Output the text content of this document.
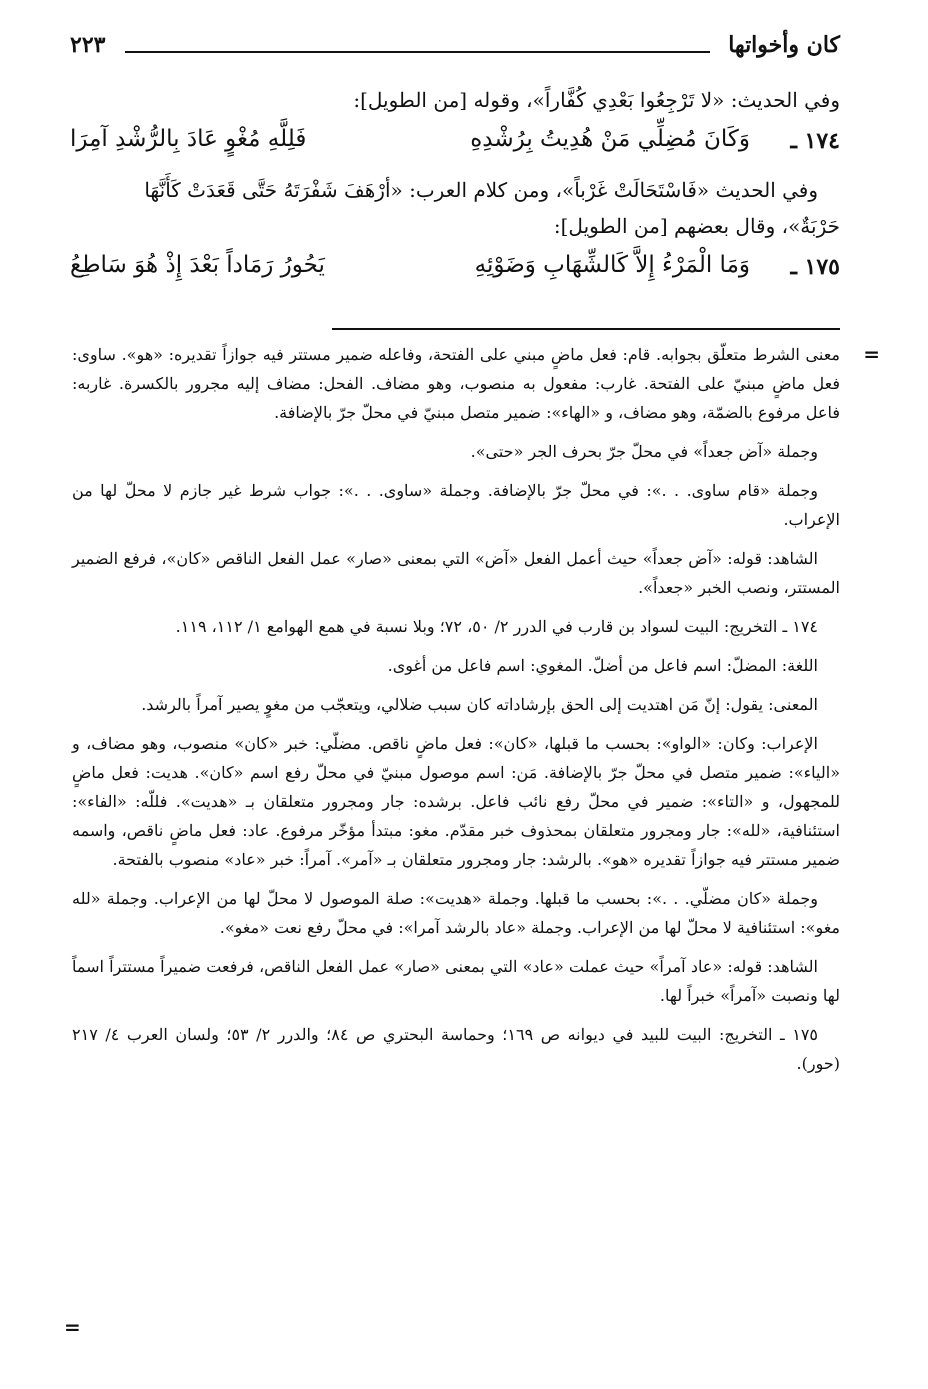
كان وأخواتها
٢٢٣

وفي الحديث: «لا تَرْجِعُوا بَعْدِي كُفَّاراً»، وقوله [من الطويل]:

١٧٤ ـ
وَكَانَ مُضِلِّي مَنْ هُدِيتُ بِرُشْدِهِ
فَلِلَّهِ مُغْوٍ عَادَ بِالرُّشْدِ آمِرَا

وفي الحديث «فَاسْتَحَالَتْ غَرْباً»، ومن كلام العرب: «أرْهَفَ شَفْرَتَهُ حَتَّى قَعَدَتْ كَأَنَّهَا

حَرْبَةٌ»، وقال بعضهم [من الطويل]:

١٧٥ ـ
وَمَا الْمَرْءُ إِلاَّ كَالشِّهَابِ وَضَوْئِهِ
يَحُورُ رَمَاداً بَعْدَ إِذْ هُوَ سَاطِعُ
=

معنى الشرط متعلّق بجوابه. قام: فعل ماضٍ مبني على الفتحة، وفاعله ضمير مستتر فيه جوازاً تقديره: «هو». ساوى: فعل ماضٍ مبنيّ على الفتحة. غارب: مفعول به منصوب، وهو مضاف. الفحل: مضاف إليه مجرور بالكسرة. غاربه: فاعل مرفوع بالضمّة، وهو مضاف، و «الهاء»: ضمير متصل مبنيّ في محلّ جرّ بالإضافة.

وجملة «آض جعداً» في محلّ جرّ بحرف الجر «حتى».

وجملة «قام ساوى. . .»: في محلّ جرّ بالإضافة. وجملة «ساوى. . .»: جواب شرط غير جازم لا محلّ لها من الإعراب.

الشاهد: قوله: «آض جعداً» حيث أعمل الفعل «آض» التي بمعنى «صار» عمل الفعل الناقص «كان»، فرفع الضمير المستتر، ونصب الخبر «جعداً».

١٧٤ ـ التخريج: البيت لسواد بن قارب في الدرر ٢/ ٥٠، ٧٢؛ وبلا نسبة في همع الهوامع ١/ ١١٢، ١١٩.

اللغة: المضلّ: اسم فاعل من أضلّ. المغوي: اسم فاعل من أغوى.

المعنى: يقول: إنّ مَن اهتديت إلى الحق بإرشاداته كان سبب ضلالي، ويتعجّب من مغوٍ يصير آمراً بالرشد.

الإعراب: وكان: «الواو»: بحسب ما قبلها، «كان»: فعل ماضٍ ناقص. مضلّي: خبر «كان» منصوب، وهو مضاف، و «الياء»: ضمير متصل في محلّ جرّ بالإضافة. مَن: اسم موصول مبنيّ في محلّ رفع اسم «كان». هديت: فعل ماضٍ للمجهول، و «التاء»: ضمير في محلّ رفع نائب فاعل. برشده: جار ومجرور متعلقان بـ «هديت». فللّه: «الفاء»: استئنافية، «لله»: جار ومجرور متعلقان بمحذوف خبر مقدّم. مغو: مبتدأ مؤخّر مرفوع. عاد: فعل ماضٍ ناقص، واسمه ضمير مستتر فيه جوازاً تقديره «هو». بالرشد: جار ومجرور متعلقان بـ «آمر». آمراً: خبر «عاد» منصوب بالفتحة.

وجملة «كان مضلّي. . .»: بحسب ما قبلها. وجملة «هديت»: صلة الموصول لا محلّ لها من الإعراب. وجملة «لله مغو»: استئنافية لا محلّ لها من الإعراب. وجملة «عاد بالرشد آمرا»: في محلّ رفع نعت «مغو».

الشاهد: قوله: «عاد آمراً» حيث عملت «عاد» التي بمعنى «صار» عمل الفعل الناقص، فرفعت ضميراً مستتراً اسماً لها ونصبت «آمراً» خبراً لها.

١٧٥ ـ التخريج: البيت للبيد في ديوانه ص ١٦٩؛ وحماسة البحتري ص ٨٤؛ والدرر ٢/ ٥٣؛ ولسان العرب ٤/ ٢١٧ (حور).

=
